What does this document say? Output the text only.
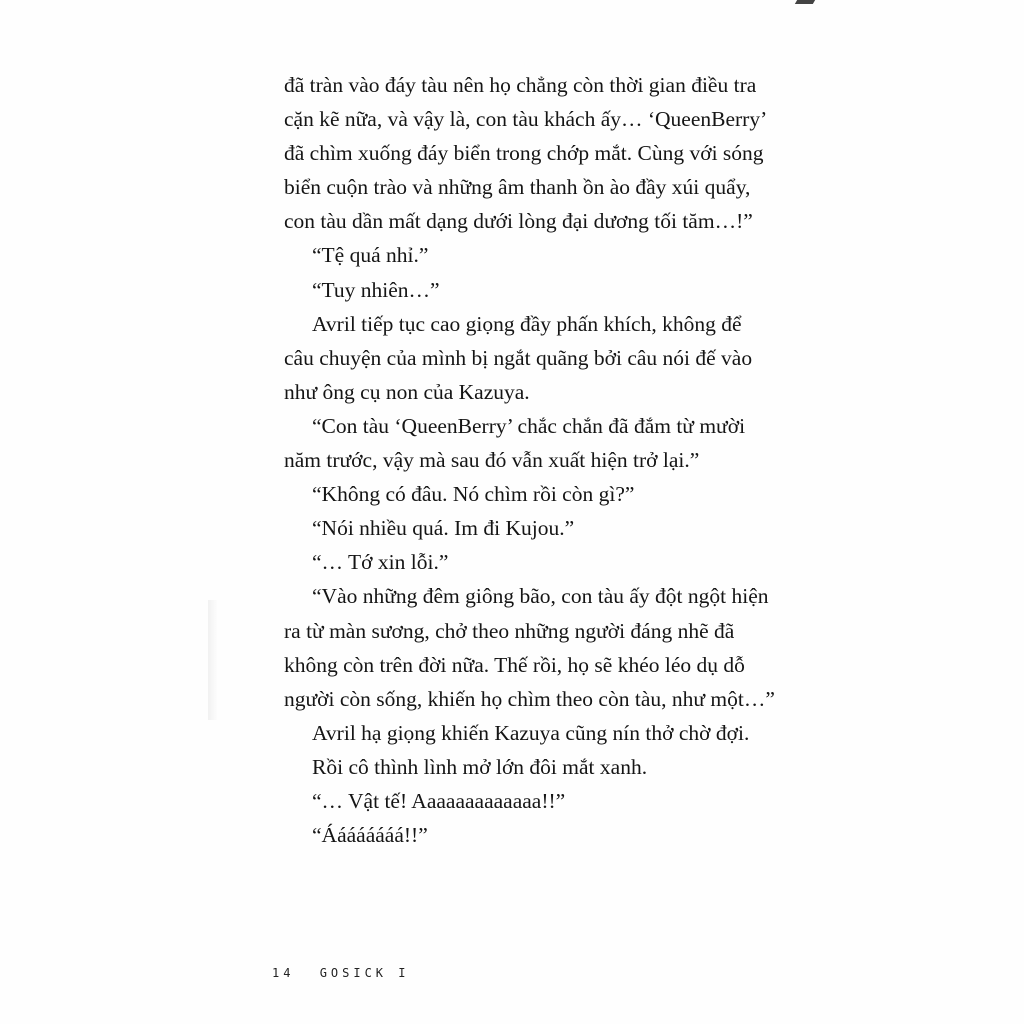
đã tràn vào đáy tàu nên họ chẳng còn thời gian điều tra
cặn kẽ nữa, và vậy là, con tàu khách ấy… ‘QueenBerry’
đã chìm xuống đáy biển trong chớp mắt. Cùng với sóng
biển cuộn trào và những âm thanh ồn ào đầy xúi quẩy,
con tàu dần mất dạng dưới lòng đại dương tối tăm…!”
“Tệ quá nhỉ.”
“Tuy nhiên…”
Avril tiếp tục cao giọng đầy phấn khích, không để
câu chuyện của mình bị ngắt quãng bởi câu nói đế vào
như ông cụ non của Kazuya.
“Con tàu ‘QueenBerry’ chắc chắn đã đắm từ mười
năm trước, vậy mà sau đó vẫn xuất hiện trở lại.”
“Không có đâu. Nó chìm rồi còn gì?”
“Nói nhiều quá. Im đi Kujou.”
“… Tớ xin lỗi.”
“Vào những đêm giông bão, con tàu ấy đột ngột hiện
ra từ màn sương, chở theo những người đáng nhẽ đã
không còn trên đời nữa. Thế rồi, họ sẽ khéo léo dụ dỗ
người còn sống, khiến họ chìm theo còn tàu, như một…”
Avril hạ giọng khiến Kazuya cũng nín thở chờ đợi.
Rồi cô thình lình mở lớn đôi mắt xanh.
“… Vật tế! Aaaaaaaaaaaaa!!”
“Áááááááá!!”
14 GOSICK I
